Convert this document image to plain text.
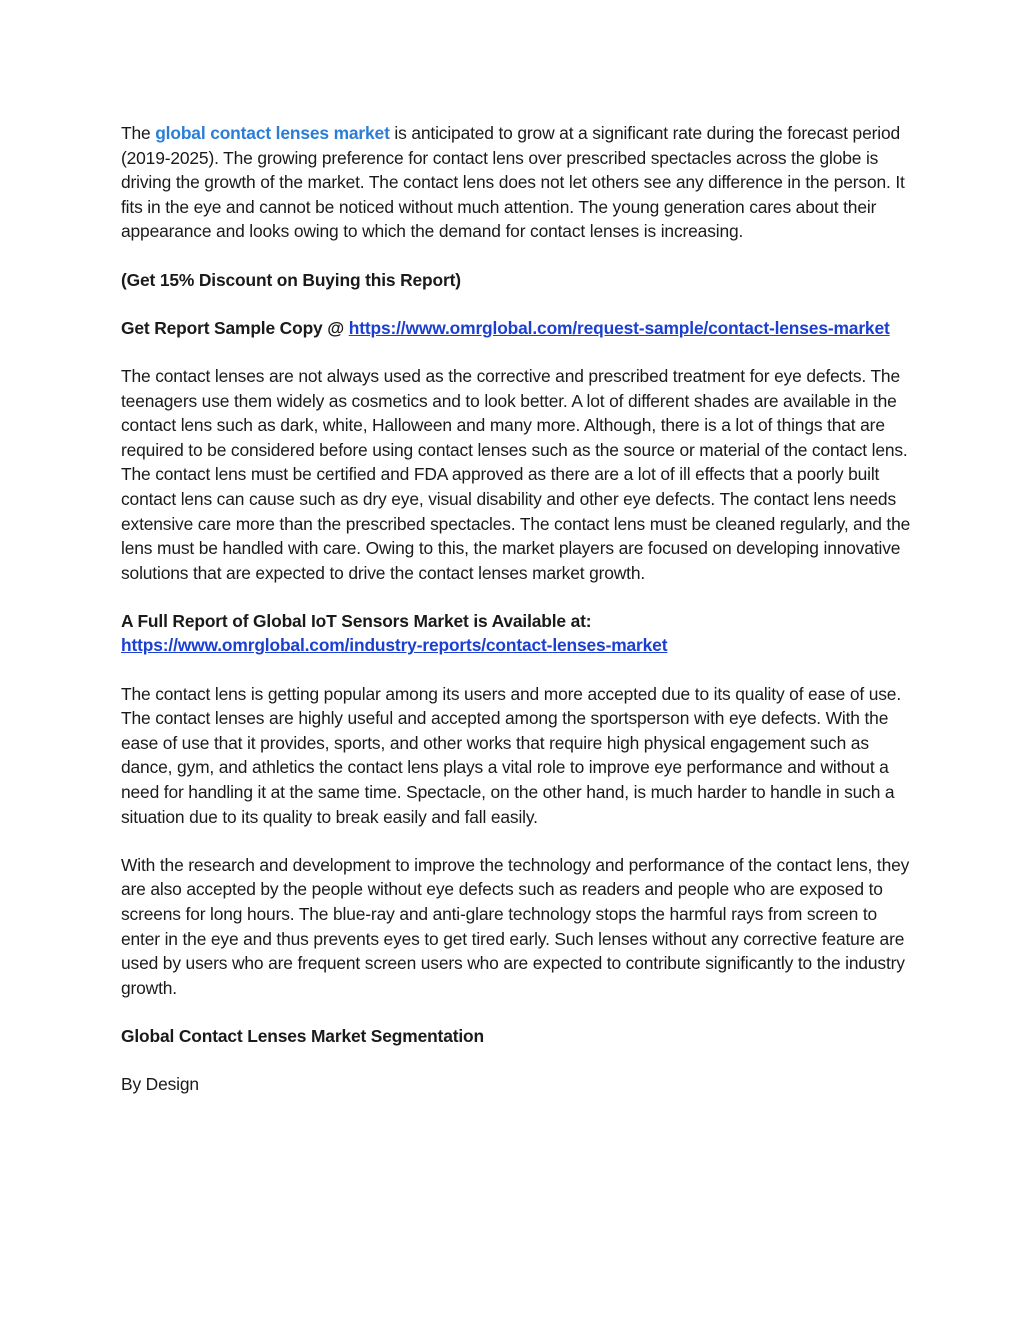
The global contact lenses market is anticipated to grow at a significant rate during the forecast period (2019-2025). The growing preference for contact lens over prescribed spectacles across the globe is driving the growth of the market. The contact lens does not let others see any difference in the person. It fits in the eye and cannot be noticed without much attention. The young generation cares about their appearance and looks owing to which the demand for contact lenses is increasing.

(Get 15% Discount on Buying this Report)

Get Report Sample Copy @ https://www.omrglobal.com/request-sample/contact-lenses-market

The contact lenses are not always used as the corrective and prescribed treatment for eye defects. The teenagers use them widely as cosmetics and to look better. A lot of different shades are available in the contact lens such as dark, white, Halloween and many more. Although, there is a lot of things that are required to be considered before using contact lenses such as the source or material of the contact lens. The contact lens must be certified and FDA approved as there are a lot of ill effects that a poorly built contact lens can cause such as dry eye, visual disability and other eye defects. The contact lens needs extensive care more than the prescribed spectacles. The contact lens must be cleaned regularly, and the lens must be handled with care. Owing to this, the market players are focused on developing innovative solutions that are expected to drive the contact lenses market growth.

A Full Report of Global IoT Sensors Market is Available at:
https://www.omrglobal.com/industry-reports/contact-lenses-market

The contact lens is getting popular among its users and more accepted due to its quality of ease of use. The contact lenses are highly useful and accepted among the sportsperson with eye defects. With the ease of use that it provides, sports, and other works that require high physical engagement such as dance, gym, and athletics the contact lens plays a vital role to improve eye performance and without a need for handling it at the same time. Spectacle, on the other hand, is much harder to handle in such a situation due to its quality to break easily and fall easily.

With the research and development to improve the technology and performance of the contact lens, they are also accepted by the people without eye defects such as readers and people who are exposed to screens for long hours. The blue-ray and anti-glare technology stops the harmful rays from screen to enter in the eye and thus prevents eyes to get tired early. Such lenses without any corrective feature are used by users who are frequent screen users who are expected to contribute significantly to the industry growth.

Global Contact Lenses Market Segmentation

By Design
